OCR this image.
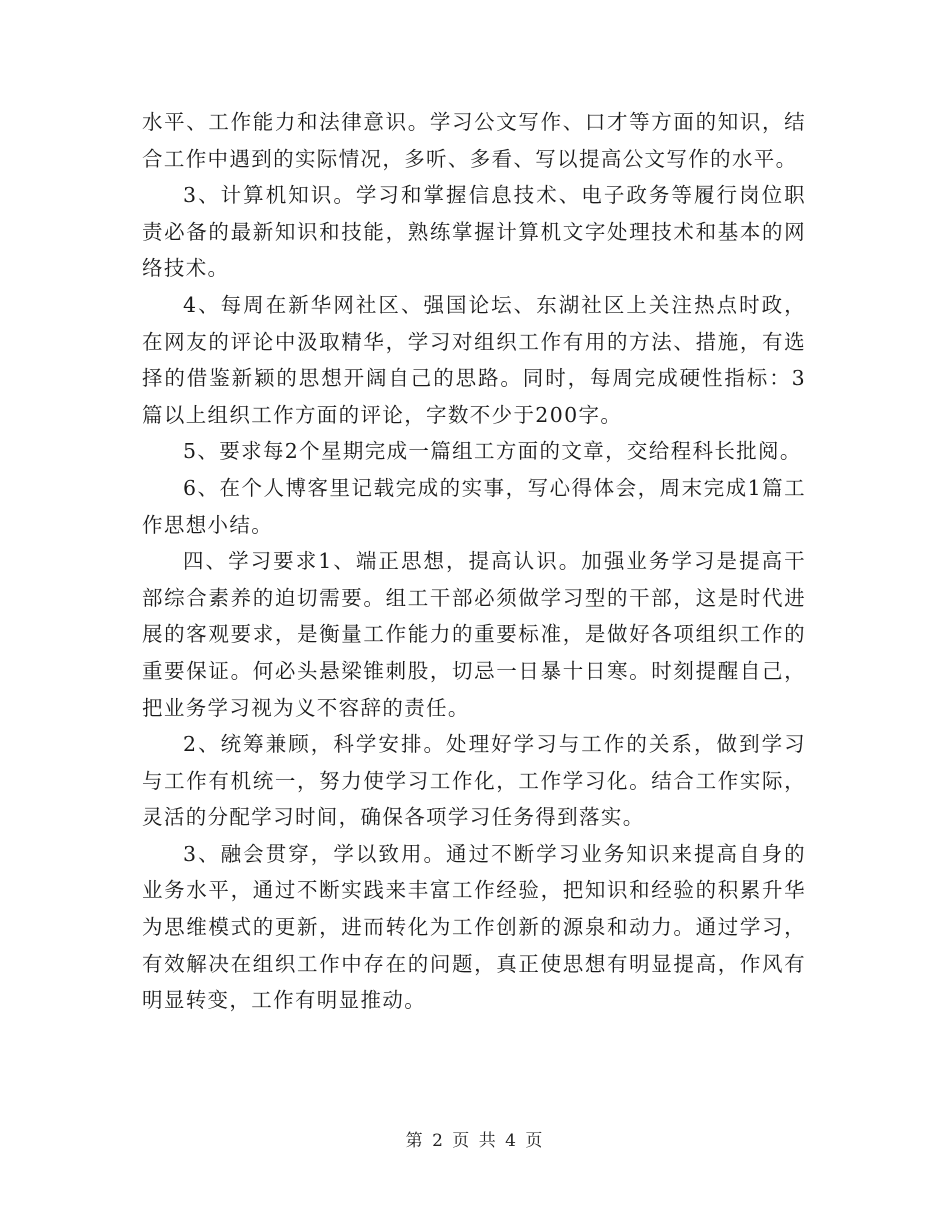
水平、工作能力和法律意识。学习公文写作、口才等方面的知识，结合工作中遇到的实际情况，多听、多看、写以提高公文写作的水平。

3、计算机知识。学习和掌握信息技术、电子政务等履行岗位职责必备的最新知识和技能，熟练掌握计算机文字处理技术和基本的网络技术。

4、每周在新华网社区、强国论坛、东湖社区上关注热点时政，在网友的评论中汲取精华，学习对组织工作有用的方法、措施，有选择的借鉴新颖的思想开阔自己的思路。同时，每周完成硬性指标：3篇以上组织工作方面的评论，字数不少于200字。

5、要求每2个星期完成一篇组工方面的文章，交给程科长批阅。

6、在个人博客里记载完成的实事，写心得体会，周末完成1篇工作思想小结。

四、学习要求1、端正思想，提高认识。加强业务学习是提高干部综合素养的迫切需要。组工干部必须做学习型的干部，这是时代进展的客观要求，是衡量工作能力的重要标准，是做好各项组织工作的重要保证。何必头悬梁锥刺股，切忌一日暴十日寒。时刻提醒自己，把业务学习视为义不容辞的责任。

2、统筹兼顾，科学安排。处理好学习与工作的关系，做到学习与工作有机统一，努力使学习工作化，工作学习化。结合工作实际，灵活的分配学习时间，确保各项学习任务得到落实。

3、融会贯穿，学以致用。通过不断学习业务知识来提高自身的业务水平，通过不断实践来丰富工作经验，把知识和经验的积累升华为思维模式的更新，进而转化为工作创新的源泉和动力。通过学习，有效解决在组织工作中存在的问题，真正使思想有明显提高，作风有明显转变，工作有明显推动。

第 2 页 共 4 页
